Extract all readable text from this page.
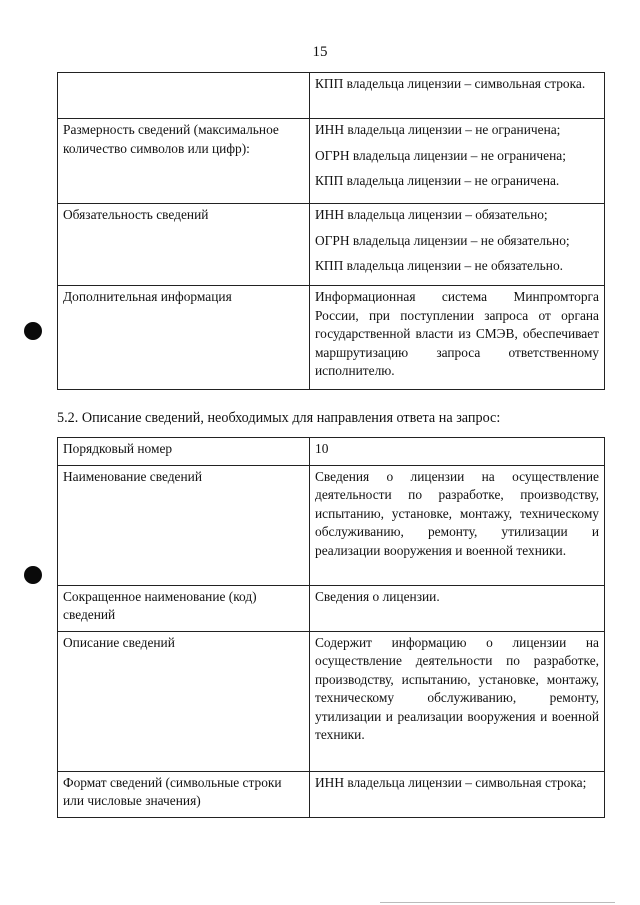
15
	КПП владельца лицензии – символьная строка.
Размерность сведений (максимальное количество символов или цифр):	ИНН владельца лицензии – не ограничена;
ОГРН владельца лицензии – не ограничена;
КПП владельца лицензии – не ограничена.

Обязательность сведений	ИНН владельца лицензии – обязательно;
ОГРН владельца лицензии – не обязательно;
КПП владельца лицензии – не обязательно.

Дополнительная информация	Информационная система Минпромторга России, при поступлении запроса от органа государственной власти из СМЭВ, обеспечивает маршрутизацию запроса ответственному исполнителю.
5.2. Описание сведений, необходимых для направления ответа на запрос:
Порядковый номер	10
Наименование сведений	Сведения о лицензии на осуществление деятельности по разработке, производству, испытанию, установке, монтажу, техническому обслуживанию, ремонту, утилизации и реализации вооружения и военной техники.
Сокращенное наименование (код) сведений	Сведения о лицензии.
Описание сведений	Содержит информацию о лицензии на осуществление деятельности по разработке, производству, испытанию, установке, монтажу, техническому обслуживанию, ремонту, утилизации и реализации вооружения и военной техники.
Формат сведений (символьные строки или числовые значения)	ИНН владельца лицензии – символьная строка;
